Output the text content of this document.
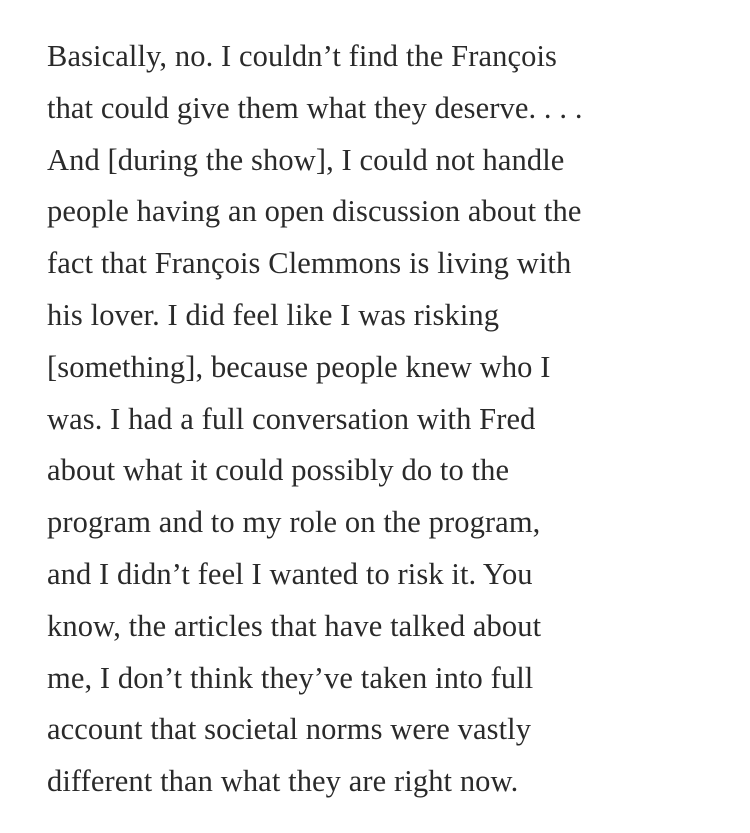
Basically, no. I couldn’t find the François
that could give them what they deserve. . . .
And [during the show], I could not handle
people having an open discussion about the
fact that François Clemmons is living with
his lover. I did feel like I was risking
[something], because people knew who I
was. I had a full conversation with Fred
about what it could possibly do to the
program and to my role on the program,
and I didn’t feel I wanted to risk it. You
know, the articles that have talked about
me, I don’t think they’ve taken into full
account that societal norms were vastly
different than what they are right now.
